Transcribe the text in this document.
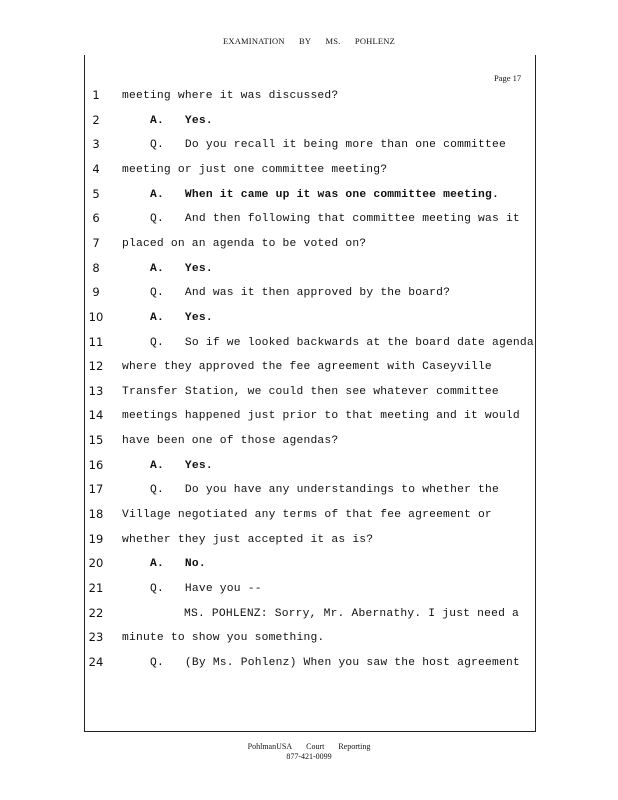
EXAMINATION BY MS. POHLENZ
Page 17
1	meeting where it was discussed?
2	A.   Yes.
3	Q.   Do you recall it being more than one committee
4	meeting or just one committee meeting?
5	A.   When it came up it was one committee meeting.
6	Q.   And then following that committee meeting was it
7	placed on an agenda to be voted on?
8	A.   Yes.
9	Q.   And was it then approved by the board?
10	A.   Yes.
11	Q.   So if we looked backwards at the board date agenda
12 where they approved the fee agreement with Caseyville
13 Transfer Station, we could then see whatever committee
14 meetings happened just prior to that meeting and it would
15 have been one of those agendas?
16	A.   Yes.
17	Q.   Do you have any understandings to whether the
18 Village negotiated any terms of that fee agreement or
19 whether they just accepted it as is?
20	A.   No.
21	Q.   Have you --
22	MS. POHLENZ: Sorry, Mr. Abernathy. I just need a
23 minute to show you something.
24	Q.   (By Ms. Pohlenz) When you saw the host agreement
PohlmanUSA Court Reporting
877-421-0099
